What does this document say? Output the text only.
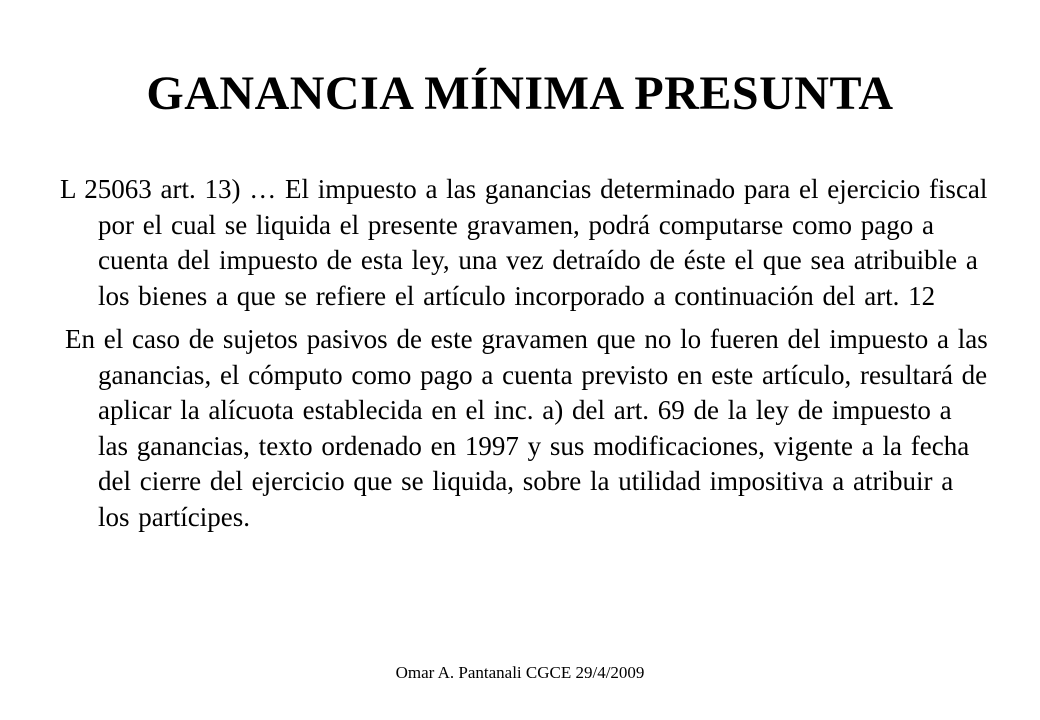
GANANCIA MÍNIMA PRESUNTA

L 25063 art. 13) … El impuesto a las ganancias determinado para el ejercicio fiscal por el cual se liquida el presente gravamen, podrá computarse como pago a cuenta del impuesto de esta ley, una vez detraído de éste el que sea atribuible a los bienes a que se refiere el artículo incorporado a continuación del art. 12

En el caso de sujetos pasivos de este gravamen que no lo fueren del impuesto a las ganancias, el cómputo como pago a cuenta previsto en este artículo, resultará de aplicar la alícuota establecida en el inc. a) del art. 69 de la ley de impuesto a las ganancias, texto ordenado en 1997 y sus modificaciones, vigente a la fecha del cierre del ejercicio que se liquida, sobre la utilidad impositiva a atribuir a los partícipes.

Omar A. Pantanali CGCE 29/4/2009
